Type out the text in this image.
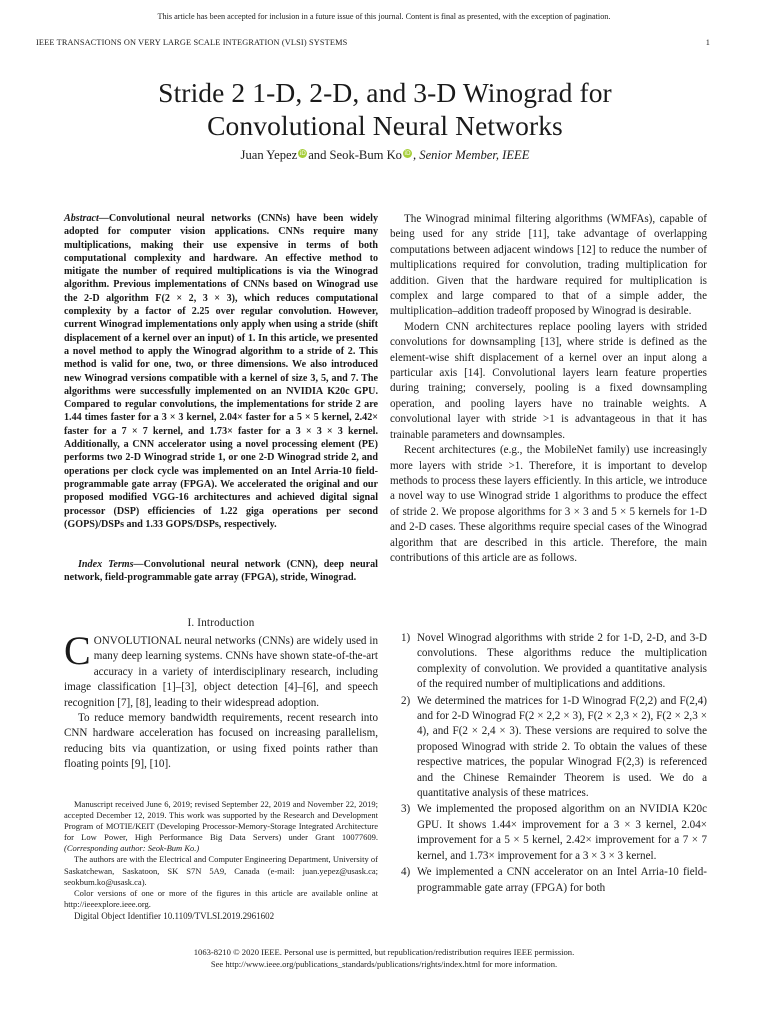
This article has been accepted for inclusion in a future issue of this journal. Content is final as presented, with the exception of pagination.
IEEE TRANSACTIONS ON VERY LARGE SCALE INTEGRATION (VLSI) SYSTEMS	1
Stride 2 1-D, 2-D, and 3-D Winograd for
Convolutional Neural Networks
Juan Yepez iD and Seok-Bum Ko iD , Senior Member, IEEE
Abstract—Convolutional neural networks (CNNs) have been widely adopted for computer vision applications. CNNs require many multiplications, making their use expensive in terms of both computational complexity and hardware. An effective method to mitigate the number of required multiplications is via the Winograd algorithm. Previous implementations of CNNs based on Winograd use the 2-D algorithm F(2 × 2, 3 × 3), which reduces computational complexity by a factor of 2.25 over regular convolution. However, current Winograd implementations only apply when using a stride (shift displacement of a kernel over an input) of 1. In this article, we presented a novel method to apply the Winograd algorithm to a stride of 2. This method is valid for one, two, or three dimensions. We also introduced new Winograd versions compatible with a kernel of size 3, 5, and 7. The algorithms were successfully implemented on an NVIDIA K20c GPU. Compared to regular convolutions, the implementations for stride 2 are 1.44 times faster for a 3 × 3 kernel, 2.04× faster for a 5 × 5 kernel, 2.42× faster for a 7 × 7 kernel, and 1.73× faster for a 3 × 3 × 3 kernel. Additionally, a CNN accelerator using a novel processing element (PE) performs two 2-D Winograd stride 1, or one 2-D Winograd stride 2, and operations per clock cycle was implemented on an Intel Arria-10 field-programmable gate array (FPGA). We accelerated the original and our proposed modified VGG-16 architectures and achieved digital signal processor (DSP) efficiencies of 1.22 giga operations per second (GOPS)/DSPs and 1.33 GOPS/DSPs, respectively.

Index Terms—Convolutional neural network (CNN), deep neural network, field-programmable gate array (FPGA), stride, Winograd.

I. Introduction

CONVOLUTIONAL neural networks (CNNs) are widely used in many deep learning systems. CNNs have shown state-of-the-art accuracy in a variety of interdisciplinary research, including image classification [1]–[3], object detection [4]–[6], and speech recognition [7], [8], leading to their widespread adoption.

To reduce memory bandwidth requirements, recent research into CNN hardware acceleration has focused on increasing parallelism, reducing bits via quantization, or using fixed points rather than floating points [9], [10].

Manuscript received June 6, 2019; revised September 22, 2019 and November 22, 2019; accepted December 12, 2019. This work was supported by the Research and Development Program of MOTIE/KEIT (Developing Processor-Memory-Storage Integrated Architecture for Low Power, High Performance Big Data Servers) under Grant 10077609. (Corresponding author: Seok-Bum Ko.)

The authors are with the Electrical and Computer Engineering Department, University of Saskatchewan, Saskatoon, SK S7N 5A9, Canada (e-mail: juan.yepez@usask.ca; seokbum.ko@usask.ca).

Color versions of one or more of the figures in this article are available online at http://ieeexplore.ieee.org.

Digital Object Identifier 10.1109/TVLSI.2019.2961602

The Winograd minimal filtering algorithms (WMFAs), capable of being used for any stride [11], take advantage of overlapping computations between adjacent windows [12] to reduce the number of multiplications required for convolution, trading multiplication for addition. Given that the hardware required for multiplication is complex and large compared to that of a simple adder, the multiplication–addition tradeoff proposed by Winograd is desirable.

Modern CNN architectures replace pooling layers with strided convolutions for downsampling [13], where stride is defined as the element-wise shift displacement of a kernel over an input along a particular axis [14]. Convolutional layers learn feature properties during training; conversely, pooling is a fixed downsampling operation, and pooling layers have no trainable weights. A convolutional layer with stride >1 is advantageous in that it has trainable parameters and downsamples.

Recent architectures (e.g., the MobileNet family) use increasingly more layers with stride >1. Therefore, it is important to develop methods to process these layers efficiently. In this article, we introduce a novel way to use Winograd stride 1 algorithms to produce the effect of stride 2. We propose algorithms for 3 × 3 and 5 × 5 kernels for 1-D and 2-D cases. These algorithms require special cases of the Winograd algorithm that are described in this article. Therefore, the main contributions of this article are as follows.

1) Novel Winograd algorithms with stride 2 for 1-D, 2-D, and 3-D convolutions. These algorithms reduce the multiplication complexity of convolution. We provided a quantitative analysis of the required number of multiplications and additions.
2) We determined the matrices for 1-D Winograd F(2,2) and F(2,4) and for 2-D Winograd F(2 × 2,2 × 3), F(2 × 2,3 × 2), F(2 × 2,3 × 4), and F(2 × 2,4 × 3). These versions are required to solve the proposed Winograd with stride 2. To obtain the values of these respective matrices, the popular Winograd F(2,3) is referenced and the Chinese Remainder Theorem is used. We do a quantitative analysis of these matrices.
3) We implemented the proposed algorithm on an NVIDIA K20c GPU. It shows 1.44× improvement for a 3 × 3 kernel, 2.04× improvement for a 5 × 5 kernel, 2.42× improvement for a 7 × 7 kernel, and 1.73× improvement for a 3 × 3 × 3 kernel.
4) We implemented a CNN accelerator on an Intel Arria-10 field-programmable gate array (FPGA) for both
1063-8210 © 2020 IEEE. Personal use is permitted, but republication/redistribution requires IEEE permission.
See http://www.ieee.org/publications_standards/publications/rights/index.html for more information.
